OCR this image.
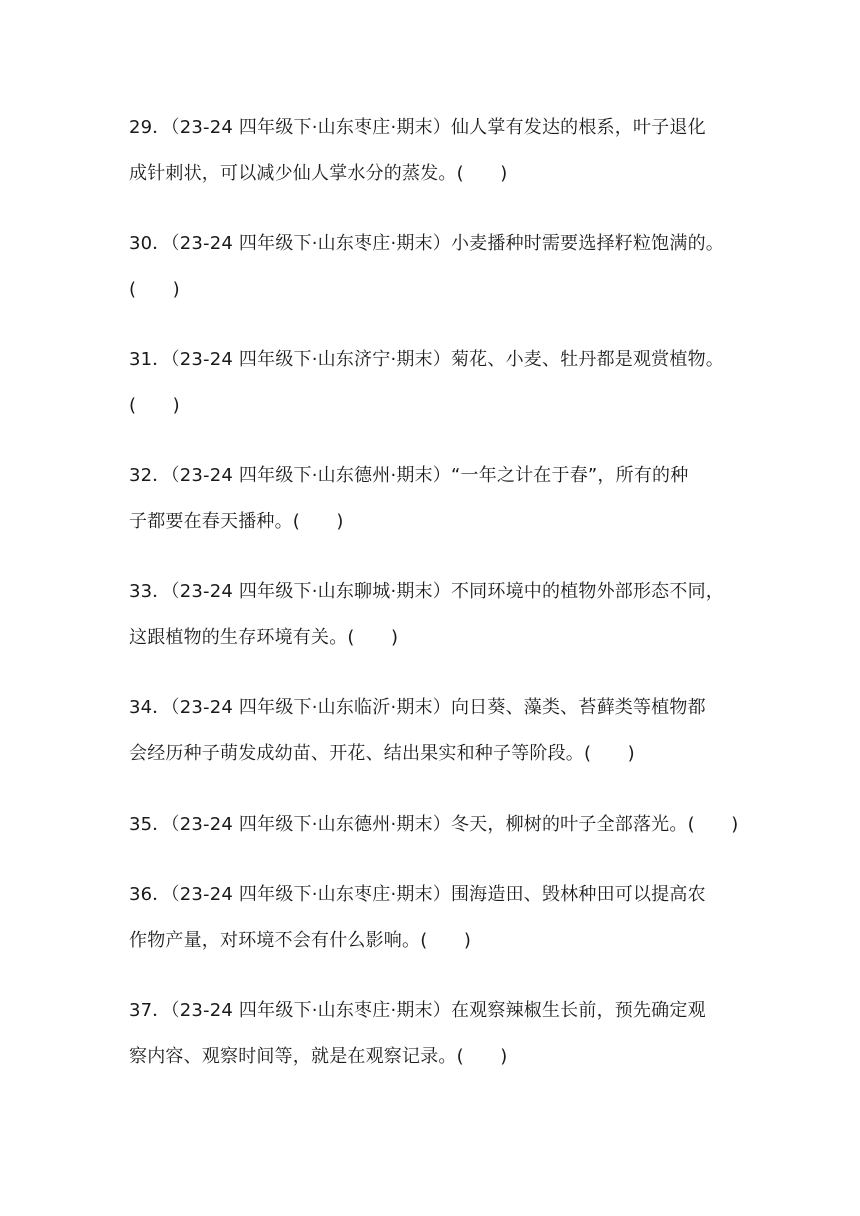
29．（23-24 四年级下·山东枣庄·期末）仙人掌有发达的根系，叶子退化
成针刺状，可以减少仙人掌水分的蒸发。(　　)
30．（23-24 四年级下·山东枣庄·期末）小麦播种时需要选择籽粒饱满的。
(　　)
31．（23-24 四年级下·山东济宁·期末）菊花、小麦、牡丹都是观赏植物。
(　　)
32．（23-24 四年级下·山东德州·期末）“一年之计在于春”，所有的种
子都要在春天播种。(　　)
33．（23-24 四年级下·山东聊城·期末）不同环境中的植物外部形态不同，
这跟植物的生存环境有关。(　　)
34．（23-24 四年级下·山东临沂·期末）向日葵、藻类、苔藓类等植物都
会经历种子萌发成幼苗、开花、结出果实和种子等阶段。(　　)
35．（23-24 四年级下·山东德州·期末）冬天，柳树的叶子全部落光。(　　)
36．（23-24 四年级下·山东枣庄·期末）围海造田、毁林种田可以提高农
作物产量，对环境不会有什么影响。(　　)
37．（23-24 四年级下·山东枣庄·期末）在观察辣椒生长前，预先确定观
察内容、观察时间等，就是在观察记录。(　　)
